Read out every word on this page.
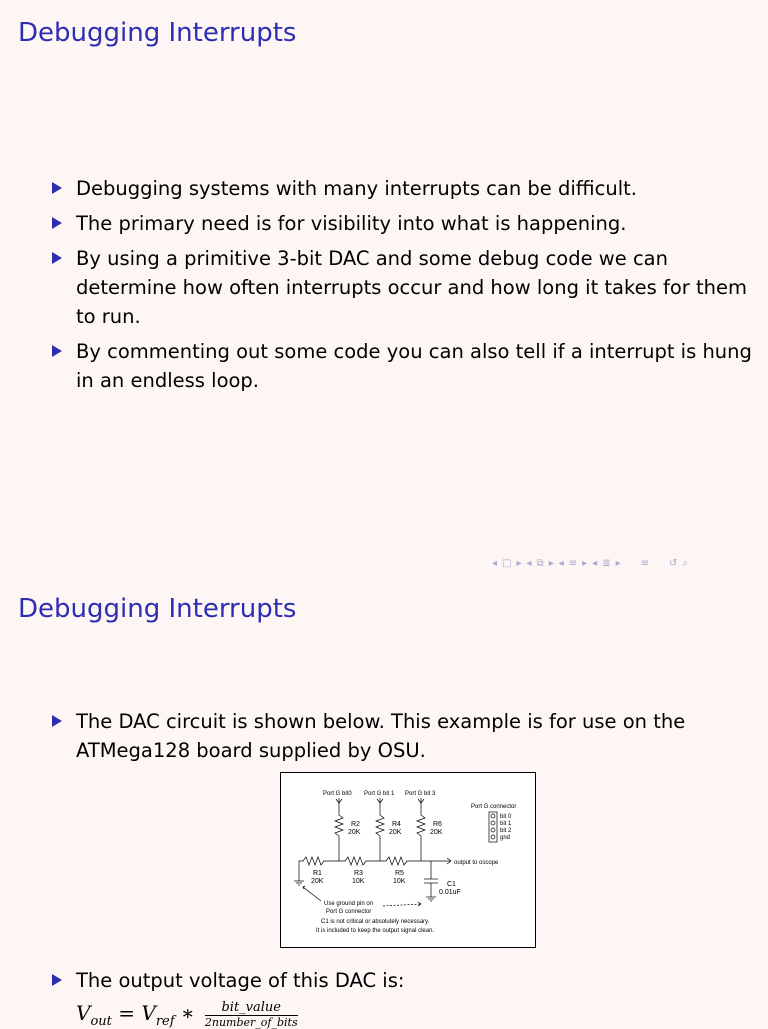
Debugging Interrupts
Debugging systems with many interrupts can be difficult.
The primary need is for visibility into what is happening.
By using a primitive 3-bit DAC and some debug code we can determine how often interrupts occur and how long it takes for them to run.
By commenting out some code you can also tell if a interrupt is hung in an endless loop.
◂ □ ▸ ◂ ⧉ ▸ ◂ ≡ ▸ ◂ ≣ ▸ ≡ ↺ ⌕
Debugging Interrupts
The DAC circuit is shown below. This example is for use on the ATMega128 board supplied by OSU.
Port G bit0 Port G bit 1 Port G bit 3
R2
20K
R4
20K
R6
20K
R1
20K
R3
10K
R5
10K	C1
0.01uF
output to oscope
Port G connector
bit 0
bit 1
bit 2
gnd
Use ground pin on
Port G connector
C1 is not critical or absolutely necessary.
It is included to keep the output signal clean.
The output voltage of this DAC is:
$V_{out} = V_{ref}$ ∗ $\frac{\text{bit\_value}}{\text{2number\_of\_bits}}$
